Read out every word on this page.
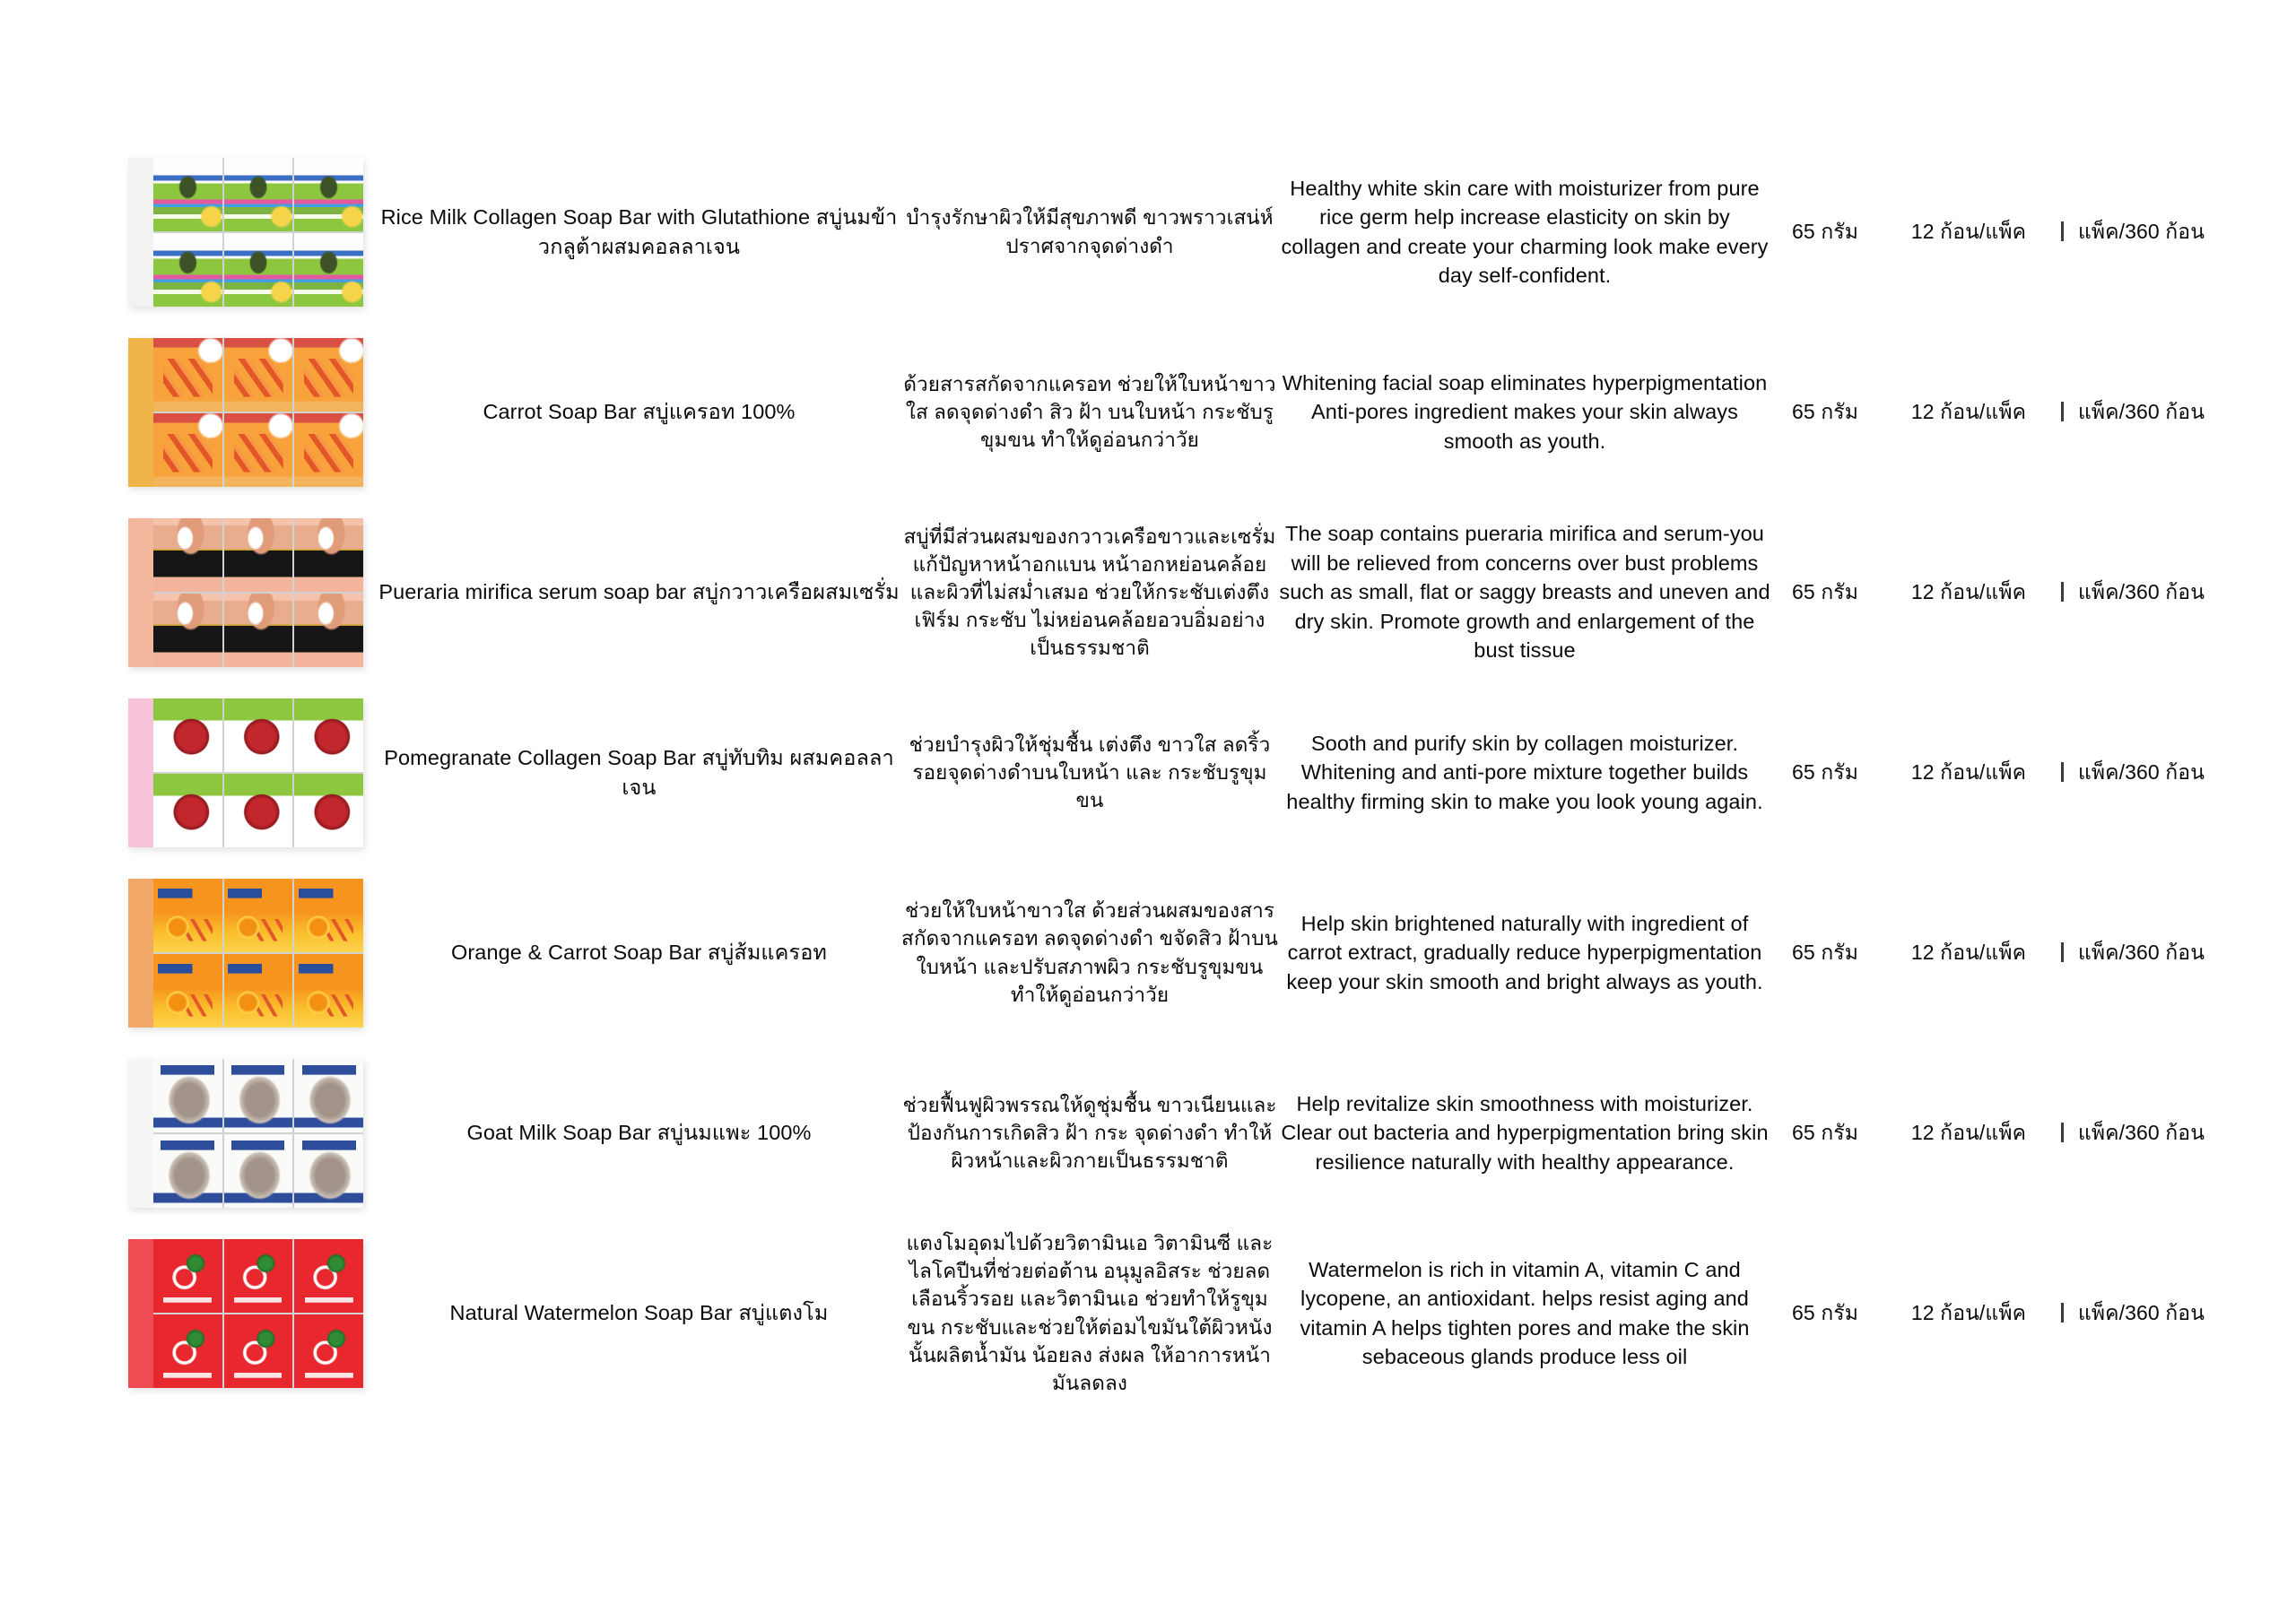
Rice Milk Collagen Soap Bar with Glutathione สบู่นมข้าวกลูต้าผสมคอลลาเจน
บำรุงรักษาผิวให้มีสุขภาพดี ขาวพราวเสน่ห์ ปราศจากจุดด่างดำ
Healthy white skin care with moisturizer from pure rice germ help increase elasticity on skin by collagen and create your charming look make every day self-confident.
65 กรัม	12 ก้อน/แพ็ค	แพ็ค/360 ก้อน
Carrot Soap Bar สบู่แครอท 100%
ด้วยสารสกัดจากแครอท ช่วยให้ใบหน้าขาวใส ลดจุดด่างดำ สิว ฝ้า บนใบหน้า กระชับรูขุมขน ทำให้ดูอ่อนกว่าวัย
Whitening facial soap eliminates hyperpigmentation Anti-pores ingredient makes your skin always smooth as youth.
65 กรัม	12 ก้อน/แพ็ค	แพ็ค/360 ก้อน
Pueraria mirifica serum soap bar สบู่กวาวเครือผสมเซรั่ม
สบู่ที่มีส่วนผสมของกวาวเครือขาวและเซรั่ม แก้ปัญหาหน้าอกแบน หน้าอกหย่อนคล้อยและผิวที่ไม่สม่ำเสมอ ช่วยให้กระชับเต่งตึง เฟิร์ม กระชับ ไม่หย่อนคล้อยอวบอิ่มอย่างเป็นธรรมชาติ
The soap contains pueraria mirifica and serum-you will be relieved from concerns over bust problems such as small, flat or saggy breasts and uneven and dry skin. Promote growth and enlargement of the bust tissue
65 กรัม	12 ก้อน/แพ็ค	แพ็ค/360 ก้อน
Pomegranate Collagen Soap Bar สบู่ทับทิม ผสมคอลลาเจน
ช่วยบำรุงผิวให้ชุ่มชื้น เต่งตึง ขาวใส ลดริ้วรอยจุดด่างดำบนใบหน้า และ กระชับรูขุมขน
Sooth and purify skin by collagen moisturizer. Whitening and anti-pore mixture together builds healthy firming skin to make you look young again.
65 กรัม	12 ก้อน/แพ็ค	แพ็ค/360 ก้อน
Orange & Carrot Soap Bar สบู่ส้มแครอท
ช่วยให้ใบหน้าขาวใส ด้วยส่วนผสมของสารสกัดจากแครอท ลดจุดด่างดำ ขจัดสิว ฝ้าบนใบหน้า และปรับสภาพผิว กระชับรูขุมขน ทำให้ดูอ่อนกว่าวัย
Help skin brightened naturally with ingredient of carrot extract, gradually reduce hyperpigmentation keep your skin smooth and bright always as youth.
65 กรัม	12 ก้อน/แพ็ค	แพ็ค/360 ก้อน
Goat Milk Soap Bar สบู่นมแพะ 100%
ช่วยฟื้นฟูผิวพรรณให้ดูชุ่มชื้น ขาวเนียนและป้องกันการเกิดสิว ฝ้า กระ จุดด่างดำ ทำให้ผิวหน้าและผิวกายเป็นธรรมชาติ
Help revitalize skin smoothness with moisturizer. Clear out bacteria and hyperpigmentation bring skin resilience naturally with healthy appearance.
65 กรัม	12 ก้อน/แพ็ค	แพ็ค/360 ก้อน
Natural Watermelon Soap Bar สบู่แตงโม
แตงโมอุดมไปด้วยวิตามินเอ วิตามินซี และไลโคปีนที่ช่วยต่อต้าน อนุมูลอิสระ ช่วยลดเลือนริ้วรอย และวิตามินเอ ช่วยทำให้รูขุมขน กระชับและช่วยให้ต่อมไขมันใต้ผิวหนังนั้นผลิตน้ำมัน น้อยลง ส่งผล ให้อาการหน้ามันลดลง
Watermelon is rich in vitamin A, vitamin C and lycopene, an antioxidant. helps resist aging and vitamin A helps tighten pores and make the skin sebaceous glands produce less oil
65 กรัม	12 ก้อน/แพ็ค	แพ็ค/360 ก้อน
